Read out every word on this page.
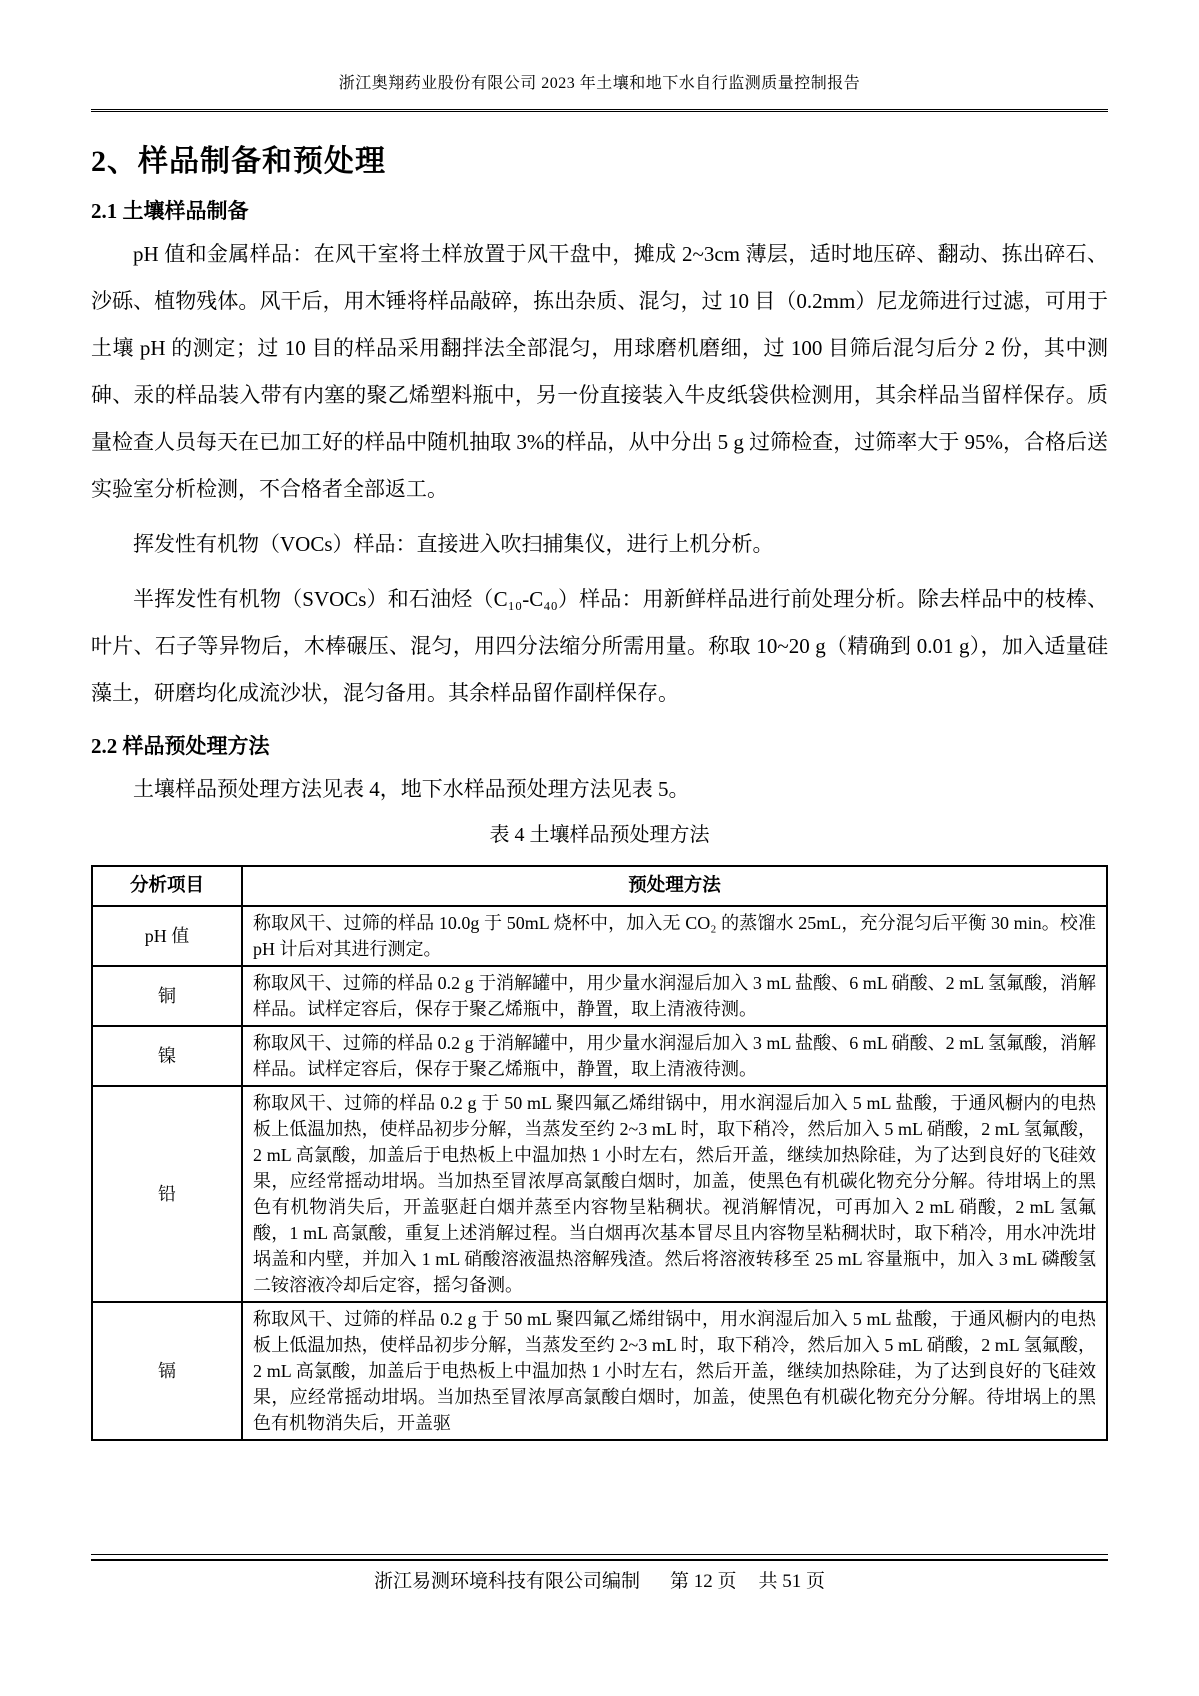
浙江奥翔药业股份有限公司 2023 年土壤和地下水自行监测质量控制报告
2、样品制备和预处理
2.1 土壤样品制备

pH 值和金属样品：在风干室将土样放置于风干盘中，摊成 2~3cm 薄层，适时地压碎、翻动、拣出碎石、沙砾、植物残体。风干后，用木锤将样品敲碎，拣出杂质、混匀，过 10 目（0.2mm）尼龙筛进行过滤，可用于土壤 pH 的测定；过 10 目的样品采用翻拌法全部混匀，用球磨机磨细，过 100 目筛后混匀后分 2 份，其中测砷、汞的样品装入带有内塞的聚乙烯塑料瓶中，另一份直接装入牛皮纸袋供检测用，其余样品当留样保存。质量检查人员每天在已加工好的样品中随机抽取 3%的样品，从中分出 5 g 过筛检查，过筛率大于 95%，合格后送实验室分析检测，不合格者全部返工。

挥发性有机物（VOCs）样品：直接进入吹扫捕集仪，进行上机分析。

半挥发性有机物（SVOCs）和石油烃（C₁₀-C₄₀）样品：用新鲜样品进行前处理分析。除去样品中的枝棒、叶片、石子等异物后，木棒碾压、混匀，用四分法缩分所需用量。称取 10~20 g（精确到 0.01 g），加入适量硅藻土，研磨均化成流沙状，混匀备用。其余样品留作副样保存。

2.2 样品预处理方法

土壤样品预处理方法见表 4，地下水样品预处理方法见表 5。

表 4 土壤样品预处理方法
分析项目	预处理方法
pH 值	称取风干、过筛的样品 10.0g 于 50mL 烧杯中，加入无 CO₂ 的蒸馏水 25mL，充分混匀后平衡 30 min。校准 pH 计后对其进行测定。
铜	称取风干、过筛的样品 0.2 g 于消解罐中，用少量水润湿后加入 3 mL 盐酸、6 mL 硝酸、2 mL 氢氟酸，消解样品。试样定容后，保存于聚乙烯瓶中，静置，取上清液待测。
镍	称取风干、过筛的样品 0.2 g 于消解罐中，用少量水润湿后加入 3 mL 盐酸、6 mL 硝酸、2 mL 氢氟酸，消解样品。试样定容后，保存于聚乙烯瓶中，静置，取上清液待测。
铅	称取风干、过筛的样品 0.2 g 于 50 mL 聚四氟乙烯绀锅中，用水润湿后加入 5 mL 盐酸，于通风橱内的电热板上低温加热，使样品初步分解，当蒸发至约 2~3 mL 时，取下稍冷，然后加入 5 mL 硝酸，2 mL 氢氟酸，2 mL 高氯酸，加盖后于电热板上中温加热 1 小时左右，然后开盖，继续加热除硅，为了达到良好的飞硅效果，应经常摇动坩埚。当加热至冒浓厚高氯酸白烟时，加盖，使黑色有机碳化物充分分解。待坩埚上的黑色有机物消失后，开盖驱赶白烟并蒸至内容物呈粘稠状。视消解情况，可再加入 2 mL 硝酸，2 mL 氢氟酸，1 mL 高氯酸，重复上述消解过程。当白烟再次基本冒尽且内容物呈粘稠状时，取下稍冷，用水冲洗坩埚盖和内壁，并加入 1 mL 硝酸溶液温热溶解残渣。然后将溶液转移至 25 mL 容量瓶中，加入 3 mL 磷酸氢二铵溶液冷却后定容，摇匀备测。
镉	称取风干、过筛的样品 0.2 g 于 50 mL 聚四氟乙烯绀锅中，用水润湿后加入 5 mL 盐酸，于通风橱内的电热板上低温加热，使样品初步分解，当蒸发至约 2~3 mL 时，取下稍冷，然后加入 5 mL 硝酸，2 mL 氢氟酸，2 mL 高氯酸，加盖后于电热板上中温加热 1 小时左右，然后开盖，继续加热除硅，为了达到良好的飞硅效果，应经常摇动坩埚。当加热至冒浓厚高氯酸白烟时，加盖，使黑色有机碳化物充分分解。待坩埚上的黑色有机物消失后，开盖驱
浙江易测环境科技有限公司编制 第 12 页 共 51 页
